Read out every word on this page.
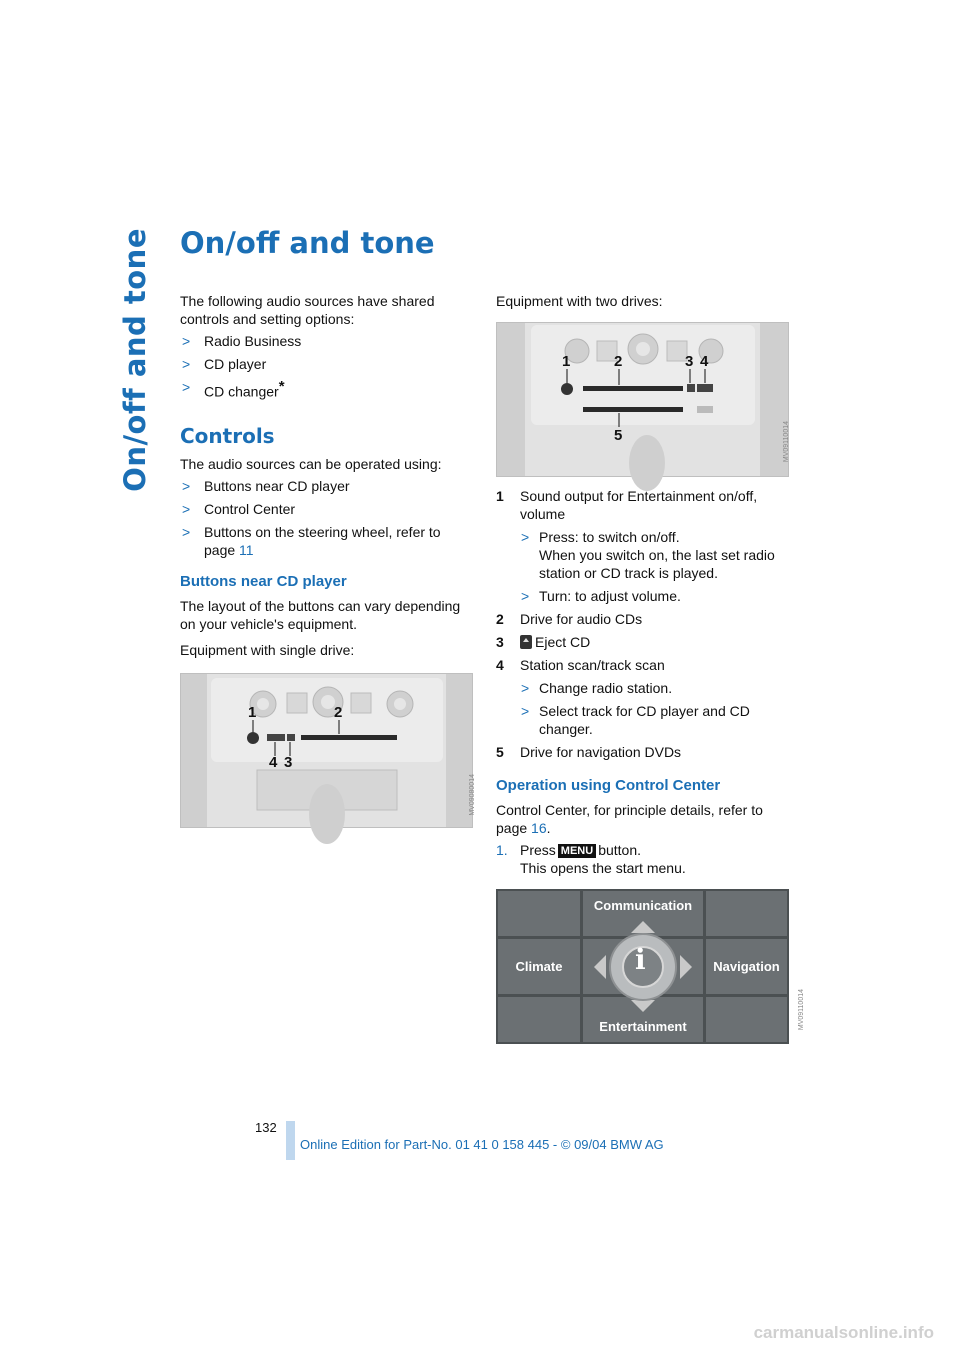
On/off and tone On/off and tone

The following audio sources have shared controls and setting options:

> Radio Business
> CD player
> CD changer*
Controls

The audio sources can be operated using:

> Buttons near CD player
> Control Center
> Buttons on the steering wheel, refer to page 11
Buttons near CD player

The layout of the buttons can vary depending on your vehicle's equipment.

Equipment with single drive:

1	2
4 3
MV09080014

Equipment with two drives:

1	2	3 4
5	MV09110014
1 Sound output for Entertainment on/off, volume
> Press: to switch on/off.
When you switch on, the last set radio station or CD track is played.
> Turn: to adjust volume.
2 Drive for audio CDs
3 Eject CD
4 Station scan/track scan
> Change radio station.
> Select track for CD player and CD changer.
5 Drive for navigation DVDs
Operation using Control Center

Control Center, for principle details, refer to page 16.

1. Press MENU button.
This opens the start menu.
Communication
Climate	Navigation
Entertainment
i
MV09110014
132
Online Edition for Part-No. 01 41 0 158 445 - © 09/04 BMW AG
carmanualsonline.info
